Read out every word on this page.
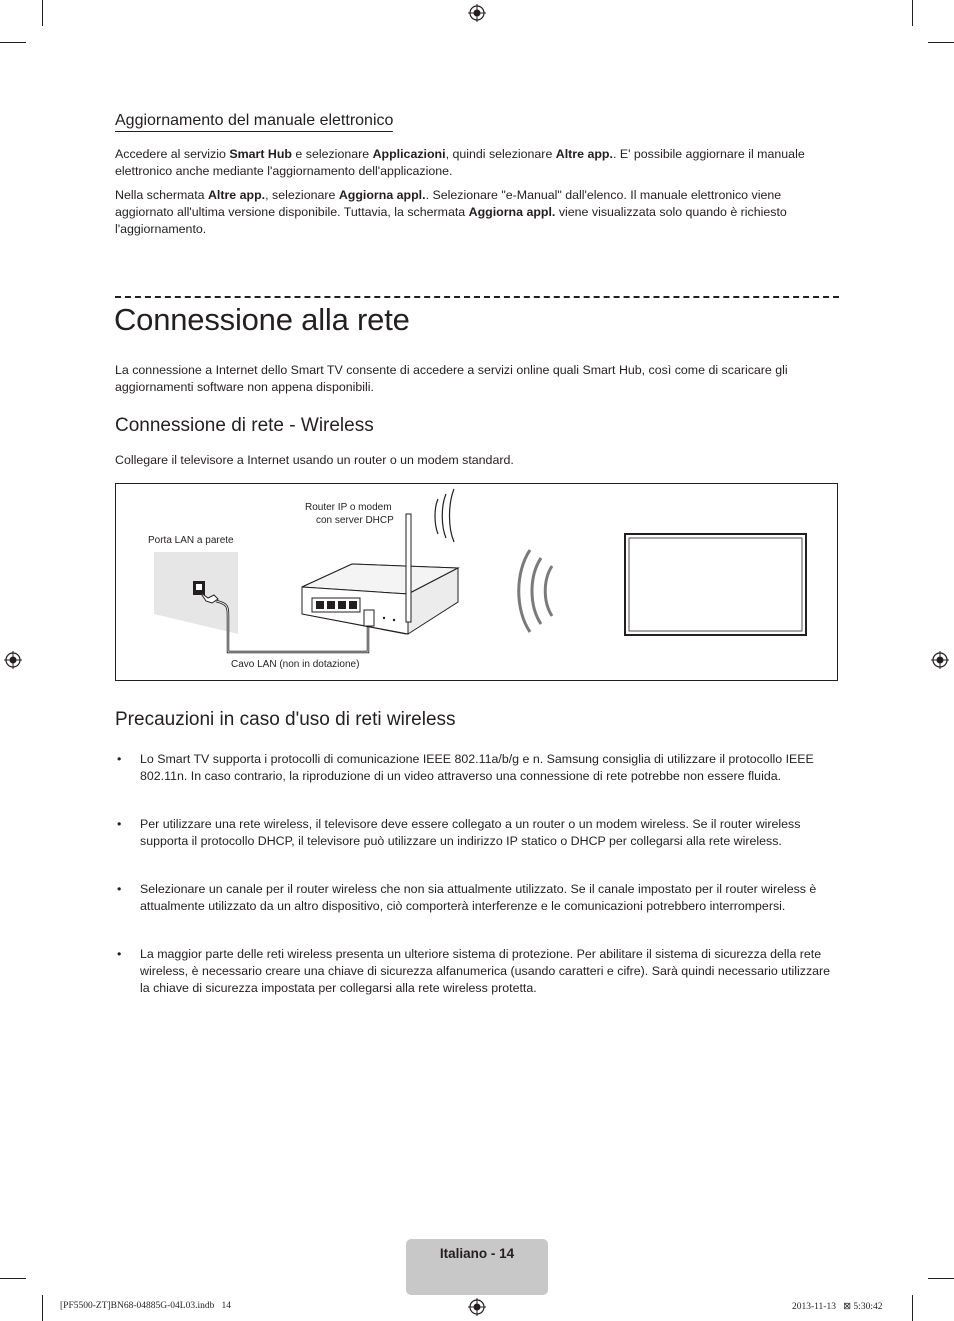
Aggiornamento del manuale elettronico
Accedere al servizio Smart Hub e selezionare Applicazioni, quindi selezionare Altre app.. E' possibile aggiornare il manuale elettronico anche mediante l'aggiornamento dell'applicazione.
Nella schermata Altre app., selezionare Aggiorna appl.. Selezionare "e-Manual" dall'elenco. Il manuale elettronico viene aggiornato all'ultima versione disponibile. Tuttavia, la schermata Aggiorna appl. viene visualizzata solo quando è richiesto l'aggiornamento.
Connessione alla rete
La connessione a Internet dello Smart TV consente di accedere a servizi online quali Smart Hub, così come di scaricare gli aggiornamenti software non appena disponibili.
Connessione di rete - Wireless
Collegare il televisore a Internet usando un router o un modem standard.
Router IP o modem
con server DHCP
Porta LAN a parete
Cavo LAN (non in dotazione)
Precauzioni in caso d'uso di reti wireless
• Lo Smart TV supporta i protocolli di comunicazione IEEE 802.11a/b/g e n. Samsung consiglia di utilizzare il protocollo IEEE 802.11n. In caso contrario, la riproduzione di un video attraverso una connessione di rete potrebbe non essere fluida.
• Per utilizzare una rete wireless, il televisore deve essere collegato a un router o un modem wireless. Se il router wireless supporta il protocollo DHCP, il televisore può utilizzare un indirizzo IP statico o DHCP per collegarsi alla rete wireless.
• Selezionare un canale per il router wireless che non sia attualmente utilizzato. Se il canale impostato per il router wireless è attualmente utilizzato da un altro dispositivo, ciò comporterà interferenze e le comunicazioni potrebbero interrompersi.
• La maggior parte delle reti wireless presenta un ulteriore sistema di protezione. Per abilitare il sistema di sicurezza della rete wireless, è necessario creare una chiave di sicurezza alfanumerica (usando caratteri e cifre). Sarà quindi necessario utilizzare la chiave di sicurezza impostata per collegarsi alla rete wireless protetta.
Italiano - 14
[PF5500-ZT]BN68-04885G-04L03.indb   14	2013-11-13   ⊠ 5:30:42
